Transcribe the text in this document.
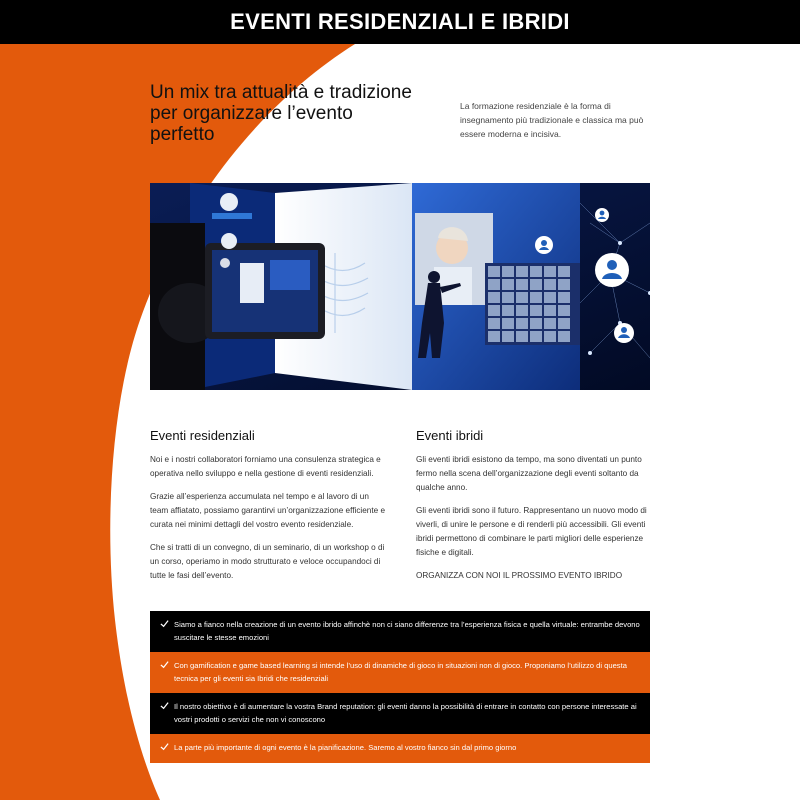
EVENTI RESIDENZIALI E IBRIDI
Un mix tra attualità e tradizione per organizzare l’evento perfetto
La formazione residenziale è la forma di insegnamento più tradizionale e classica ma può essere moderna e incisiva.
Eventi residenziali

Noi e i nostri collaboratori forniamo una consulenza strategica e operativa nello sviluppo e nella gestione di eventi residenziali.

Grazie all’esperienza accumulata nel tempo e al lavoro di un team affiatato, possiamo garantirvi un’organizzazione efficiente e curata nei minimi dettagli del vostro evento residenziale.

Che si tratti di un convegno, di un seminario, di un workshop o di un corso, operiamo in modo strutturato e veloce occupandoci di tutte le fasi dell’evento.

Eventi ibridi

Gli eventi ibridi esistono da tempo, ma sono diventati un punto fermo nella scena dell’organizzazione degli eventi soltanto da qualche anno.

Gli eventi ibridi sono il futuro. Rappresentano un nuovo modo di viverli, di unire le persone e di renderli più accessibili. Gli eventi ibridi permettono di combinare le parti migliori delle esperienze fisiche e digitali.

ORGANIZZA CON NOI IL PROSSIMO EVENTO IBRIDO

Siamo a fianco nella creazione di un evento ibrido affinchè non ci siano differenze tra l’esperienza fisica e quella virtuale: entrambe devono suscitare le stesse emozioni
Con gamification e game based learning si intende l’uso di dinamiche di gioco in situazioni non di gioco. Proponiamo l’utilizzo di questa tecnica per gli eventi sia Ibridi che residenziali
Il nostro obiettivo è di aumentare la vostra Brand reputation: gli eventi danno la possibilità di entrare in contatto con persone interessate ai vostri prodotti o servizi che non vi conoscono
La parte più importante di ogni evento è la pianificazione. Saremo al vostro fianco sin dal primo giorno
